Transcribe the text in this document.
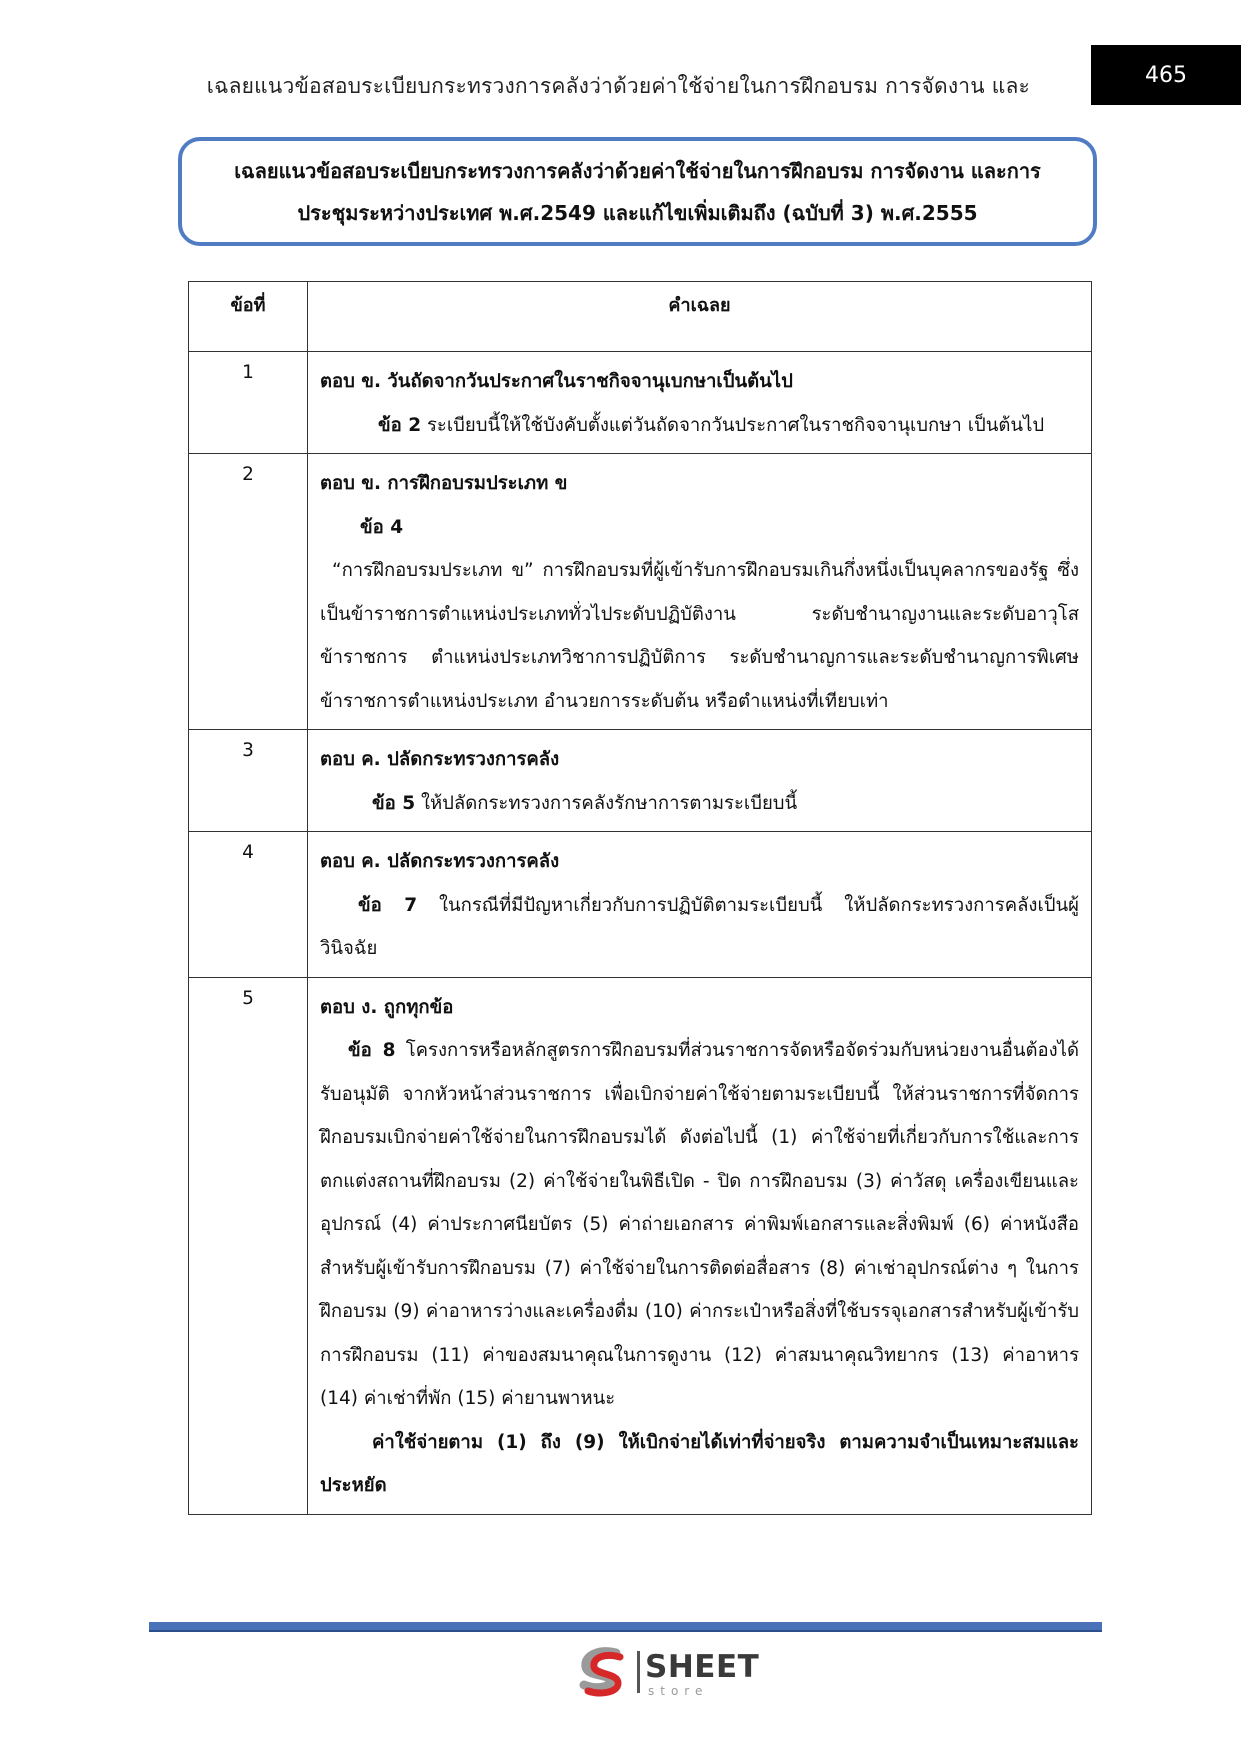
เฉลยแนวข้อสอบระเบียบกระทรวงการคลังว่าด้วยค่าใช้จ่ายในการฝึกอบรม การจัดงาน และ	465
เฉลยแนวข้อสอบระเบียบกระทรวงการคลังว่าด้วยค่าใช้จ่ายในการฝึกอบรม การจัดงาน และการ
ประชุมระหว่างประเทศ พ.ศ.2549 และแก้ไขเพิ่มเติมถึง (ฉบับที่ 3) พ.ศ.2555
ข้อที่	คำเฉลย
1	ตอบ ข. วันถัดจากวันประกาศในราชกิจจานุเบกษาเป็นต้นไป
ข้อ 2 ระเบียบนี้ให้ใช้บังคับตั้งแต่วันถัดจากวันประกาศในราชกิจจานุเบกษา เป็นต้นไป

2	ตอบ ข. การฝึกอบรมประเภท ข
ข้อ 4
“การฝึกอบรมประเภท ข” การฝึกอบรมที่ผู้เข้ารับการฝึกอบรมเกินกึ่งหนึ่งเป็นบุคลากรของรัฐ ซึ่งเป็นข้าราชการตำแหน่งประเภททั่วไประดับปฏิบัติงาน ระดับชำนาญงานและระดับอาวุโส ข้าราชการ ตำแหน่งประเภทวิชาการปฏิบัติการ ระดับชำนาญการและระดับชำนาญการพิเศษ ข้าราชการตำแหน่งประเภท อำนวยการระดับต้น หรือตำแหน่งที่เทียบเท่า

3	ตอบ ค. ปลัดกระทรวงการคลัง
ข้อ 5 ให้ปลัดกระทรวงการคลังรักษาการตามระเบียบนี้

4	ตอบ ค. ปลัดกระทรวงการคลัง
ข้อ 7 ในกรณีที่มีปัญหาเกี่ยวกับการปฏิบัติตามระเบียบนี้ ให้ปลัดกระทรวงการคลังเป็นผู้วินิจฉัย

5	ตอบ ง. ถูกทุกข้อ
ข้อ 8 โครงการหรือหลักสูตรการฝึกอบรมที่ส่วนราชการจัดหรือจัดร่วมกับหน่วยงานอื่นต้องได้รับอนุมัติ จากหัวหน้าส่วนราชการ เพื่อเบิกจ่ายค่าใช้จ่ายตามระเบียบนี้ ให้ส่วนราชการที่จัดการฝึกอบรมเบิกจ่ายค่าใช้จ่ายในการฝึกอบรมได้ ดังต่อไปนี้ (1) ค่าใช้จ่ายที่เกี่ยวกับการใช้และการตกแต่งสถานที่ฝึกอบรม (2) ค่าใช้จ่ายในพิธีเปิด - ปิด การฝึกอบรม (3) ค่าวัสดุ เครื่องเขียนและอุปกรณ์ (4) ค่าประกาศนียบัตร (5) ค่าถ่ายเอกสาร ค่าพิมพ์เอกสารและสิ่งพิมพ์ (6) ค่าหนังสือสำหรับผู้เข้ารับการฝึกอบรม (7) ค่าใช้จ่ายในการติดต่อสื่อสาร (8) ค่าเช่าอุปกรณ์ต่าง ๆ ในการฝึกอบรม (9) ค่าอาหารว่างและเครื่องดื่ม (10) ค่ากระเป๋าหรือสิ่งที่ใช้บรรจุเอกสารสำหรับผู้เข้ารับการฝึกอบรม (11) ค่าของสมนาคุณในการดูงาน (12) ค่าสมนาคุณวิทยากร (13) ค่าอาหาร (14) ค่าเช่าที่พัก (15) ค่ายานพาหนะ
ค่าใช้จ่ายตาม (1) ถึง (9) ให้เบิกจ่ายได้เท่าที่จ่ายจริง ตามความจำเป็นเหมาะสมและประหยัด
SHEET
store
